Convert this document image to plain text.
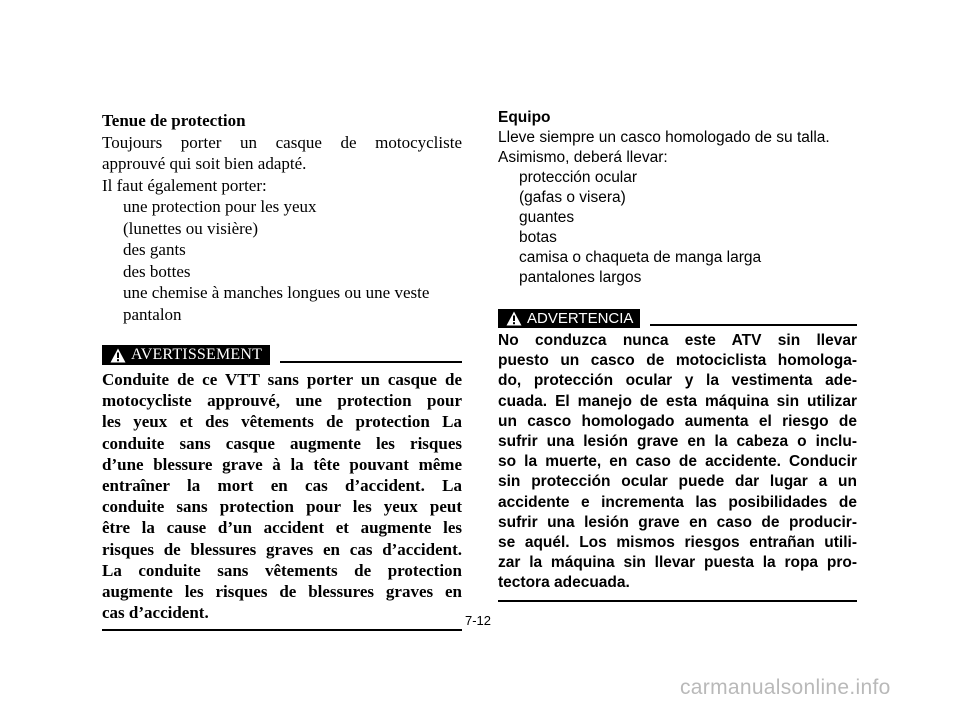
Tenue de protection
Toujours porter un casque de motocycliste
approuvé qui soit bien adapté.
Il faut également porter:
une protection pour les yeux
(lunettes ou visière)
des gants
des bottes
une chemise à manches longues ou une veste
pantalon
AVERTISSEMENT
Conduite de ce VTT sans porter un casque de
motocycliste approuvé, une protection pour
les yeux et des vêtements de protection La
conduite sans casque augmente les risques
d’une blessure grave à la tête pouvant même
entraîner la mort en cas d’accident. La
conduite sans protection pour les yeux peut
être la cause d’un accident et augmente les
risques de blessures graves en cas d’accident.
La conduite sans vêtements de protection
augmente les risques de blessures graves en
cas d’accident.
Equipo
Lleve siempre un casco homologado de su talla.
Asimismo, deberá llevar:
protección ocular
(gafas o visera)
guantes
botas
camisa o chaqueta de manga larga
pantalones largos
ADVERTENCIA
No conduzca nunca este ATV sin llevar
puesto un casco de motociclista homologa-
do, protección ocular y la vestimenta ade-
cuada. El manejo de esta máquina sin utilizar
un casco homologado aumenta el riesgo de
sufrir una lesión grave en la cabeza o inclu-
so la muerte, en caso de accidente. Conducir
sin protección ocular puede dar lugar a un
accidente e incrementa las posibilidades de
sufrir una lesión grave en caso de producir-
se aquél. Los mismos riesgos entrañan utili-
zar la máquina sin llevar puesta la ropa pro-
tectora adecuada.
7-12
carmanualsonline.info
